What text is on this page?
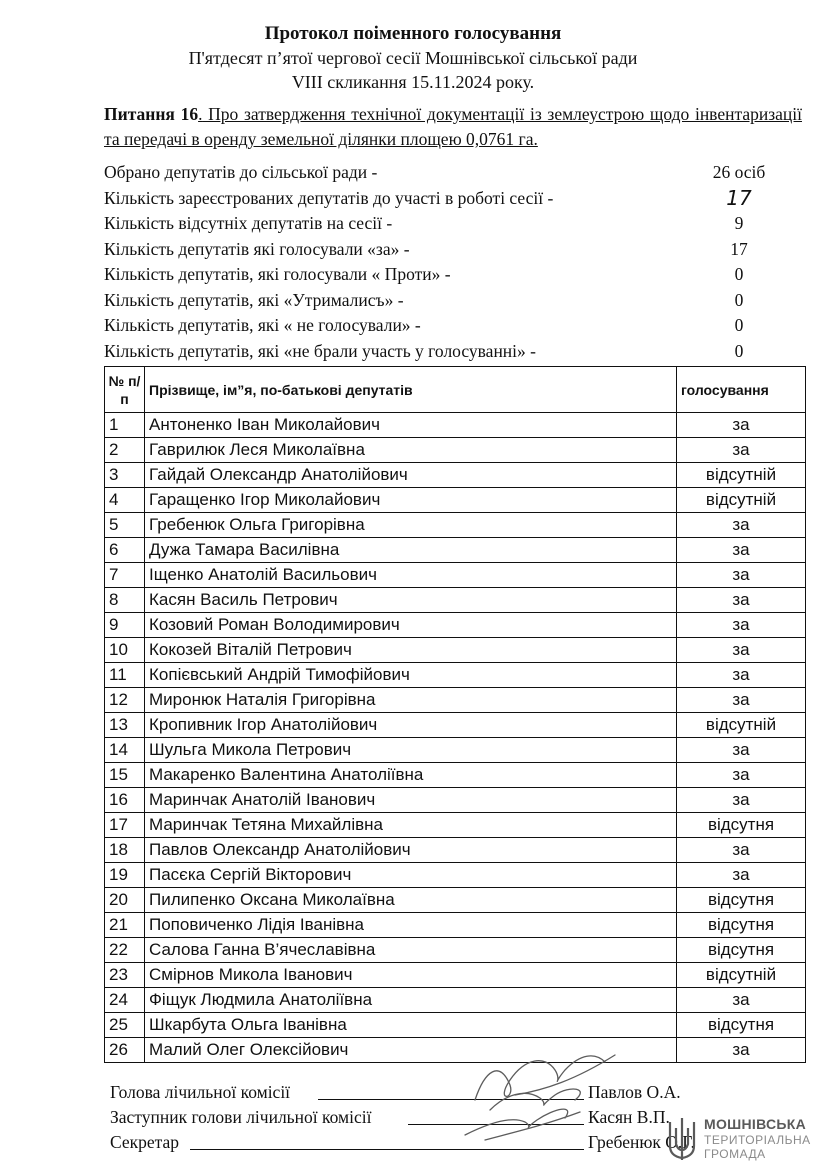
Протокол поіменного голосування
П'ятдесят п’ятої чергової сесії Мошнівської сільської ради
VIII скликання 15.11.2024 року.
Питання 16. Про затвердження технічної документації із землеустрою щодо інвентаризації та передачі в оренду земельної ділянки площею 0,0761 га.
Обрано депутатів до сільської ради -	26 осіб
Кількість зареєстрованих депутатів до участі в роботі сесії -	17
Кількість відсутніх депутатів на сесії -	9
Кількість депутатів які голосували «за» -	17
Кількість депутатів, які голосували « Проти» -	0
Кількість депутатів, які «Утрималисъ» -	0
Кількість депутатів, які « не голосували» -	0
Кількість депутатів, які «не брали участь у голосуванні» -	0
№ п/п	Прізвище, ім”я, по-батькові депутатів	голосування
1	Антоненко Іван Миколайович	за
2	Гаврилюк Леся Миколаївна	за
3	Гайдай Олександр Анатолійович	відсутній
4	Гаращенко Ігор Миколайович	відсутній
5	Гребенюк Ольга Григорівна	за
6	Дужа Тамара Василівна	за
7	Іщенко Анатолій Васильович	за
8	Касян Василь Петрович	за
9	Козовий Роман Володимирович	за
10	Кокозей Віталій Петрович	за
11	Копієвський Андрій Тимофійович	за
12	Миронюк Наталія Григорівна	за
13	Кропивник Ігор Анатолійович	відсутній
14	Шульга Микола Петрович	за
15	Макаренко Валентина Анатоліївна	за
16	Маринчак Анатолій Іванович	за
17	Маринчак Тетяна Михайлівна	відсутня
18	Павлов Олександр Анатолійович	за
19	Пасєка Сергій Вікторович	за
20	Пилипенко Оксана Миколаївна	відсутня
21	Поповиченко Лідія Іванівна	відсутня
22	Салова Ганна В’ячеславівна	відсутня
23	Смірнов Микола Іванович	відсутній
24	Фіщук Людмила Анатоліївна	за
25	Шкарбута Ольга Іванівна	відсутня
26	Малий Олег Олексійович	за
Голова лічильної комісії	Павлов О.А.
Заступник голови лічильної комісії	Касян В.П.
Секретар	Гребенюк О.Г.
МОШНІВСЬКА
ТЕРИТОРІАЛЬНА
ГРОМАДА
